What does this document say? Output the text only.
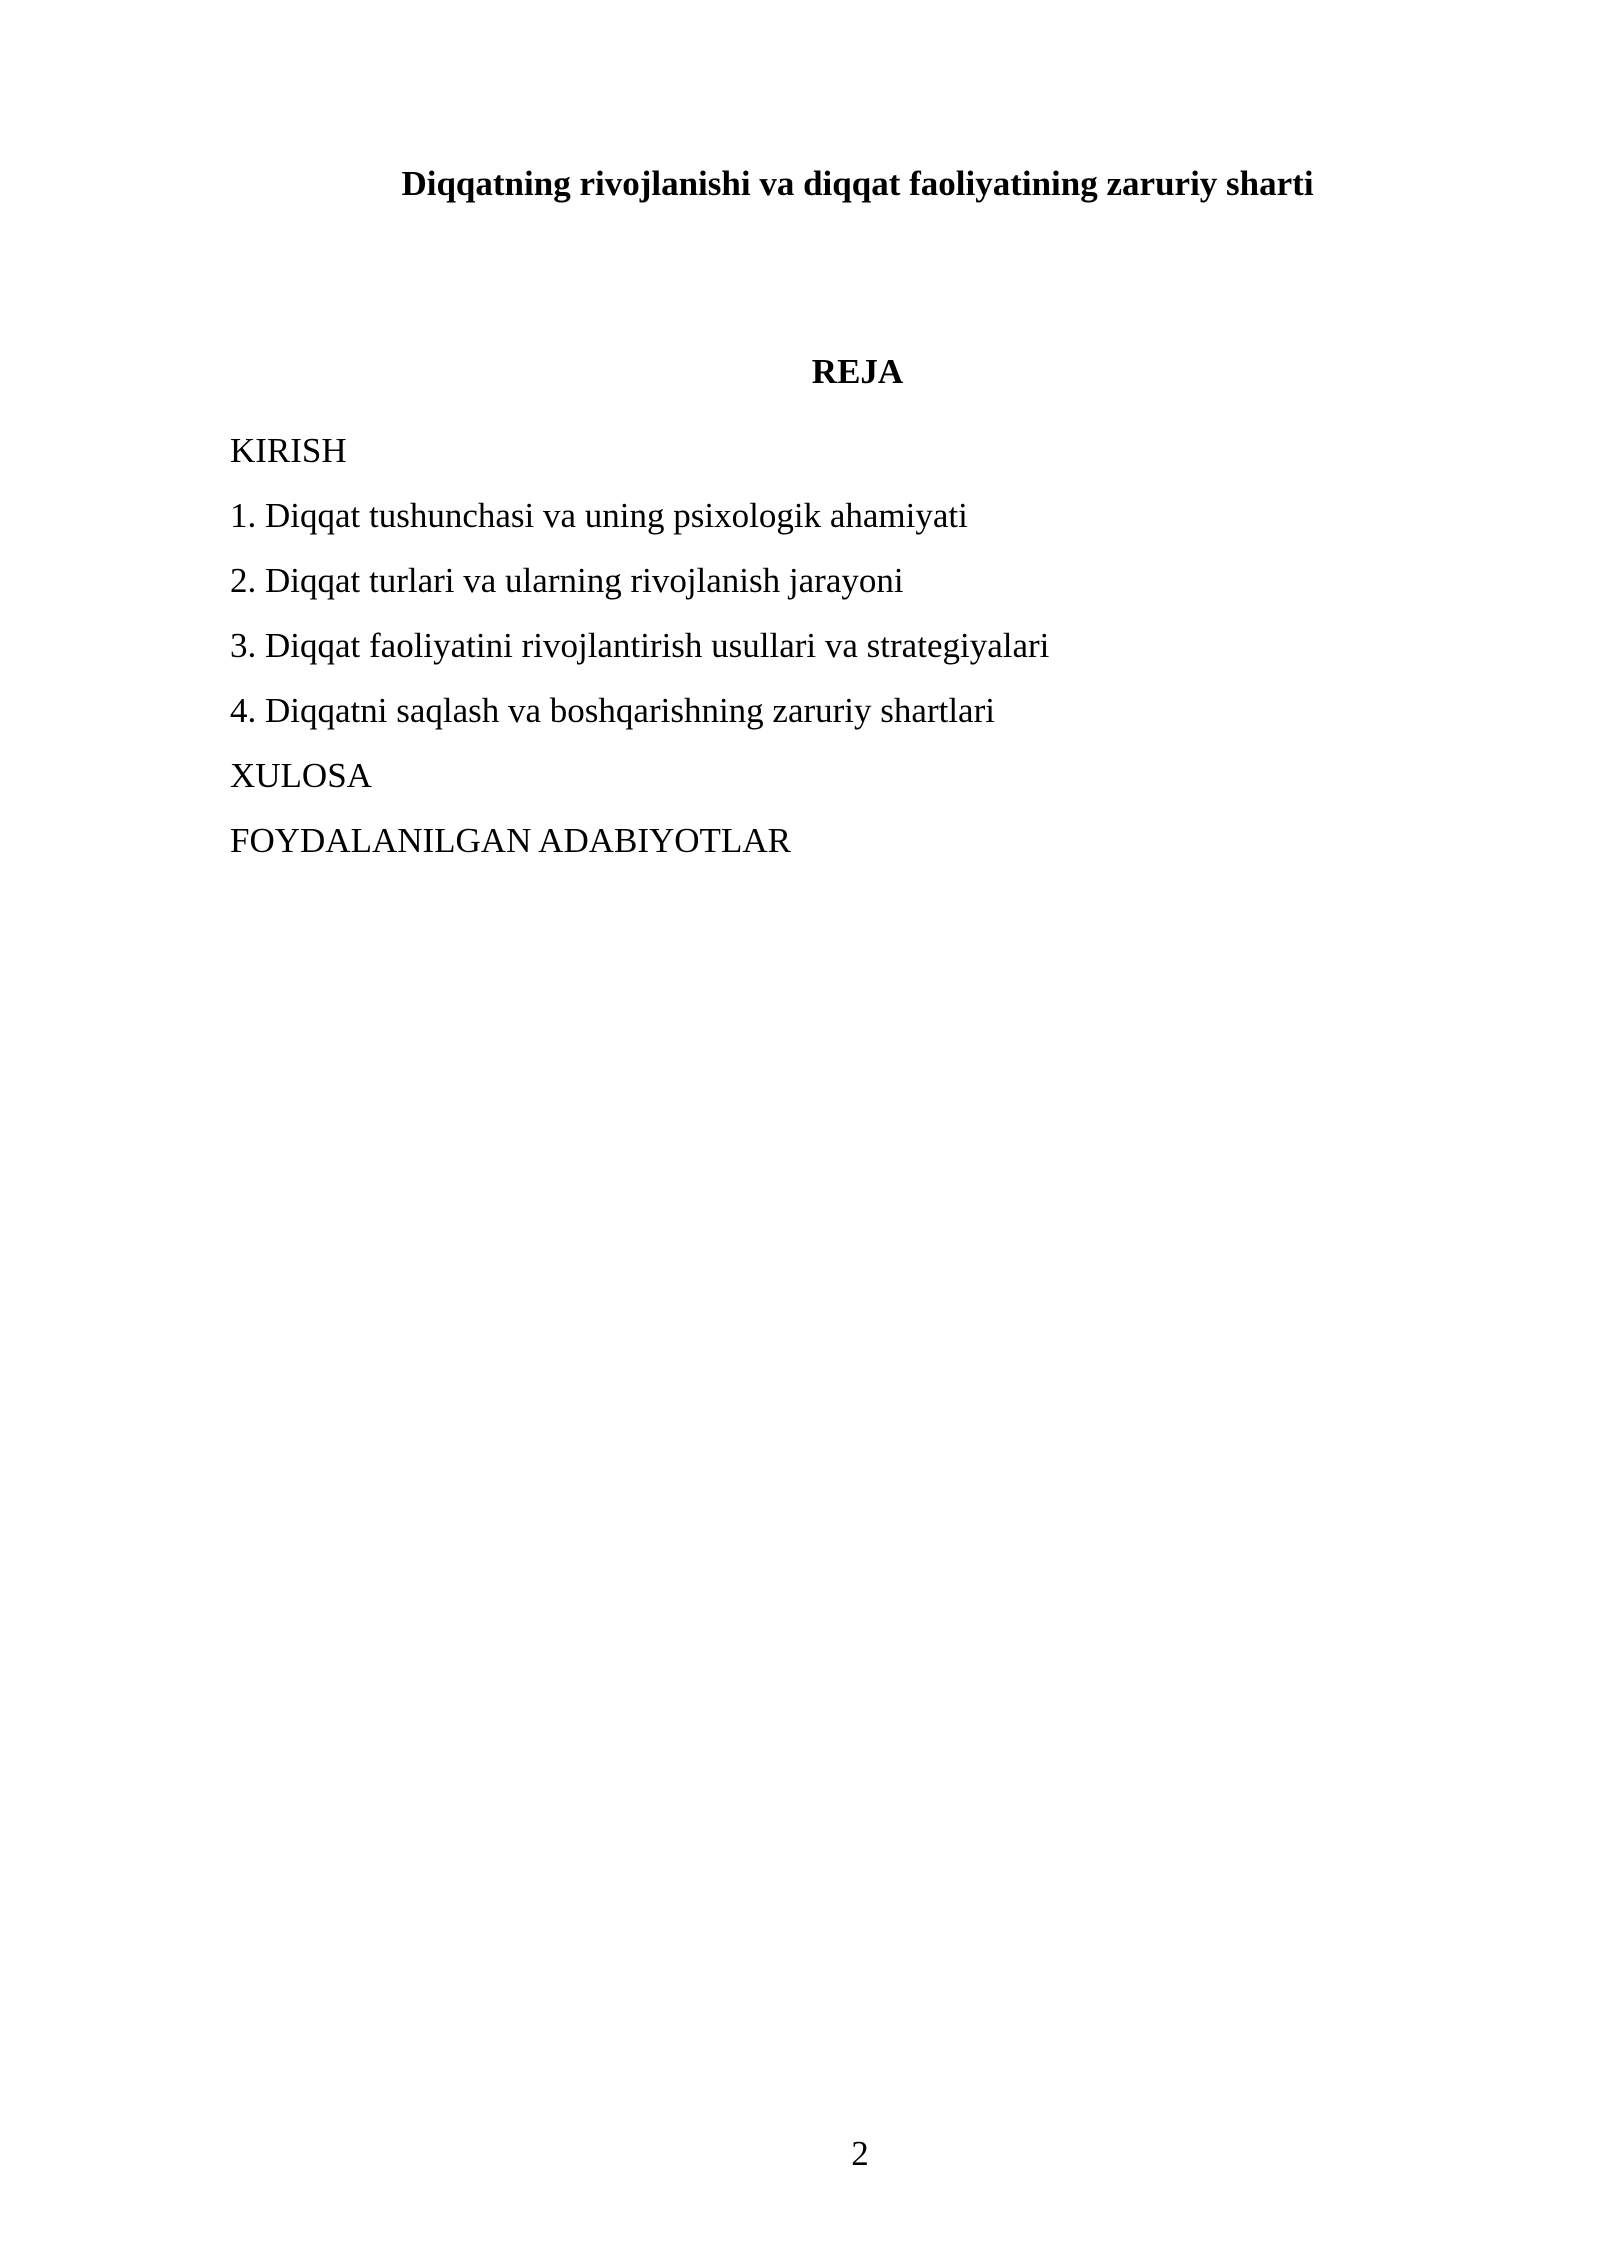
Diqqatning rivojlanishi va diqqat faoliyatining zaruriy sharti
REJA
KIRISH
1. Diqqat tushunchasi va uning psixologik ahamiyati
2. Diqqat turlari va ularning rivojlanish jarayoni
3. Diqqat faoliyatini rivojlantirish usullari va strategiyalari
4. Diqqatni saqlash va boshqarishning zaruriy shartlari
XULOSA
FOYDALANILGAN ADABIYOTLAR

2
